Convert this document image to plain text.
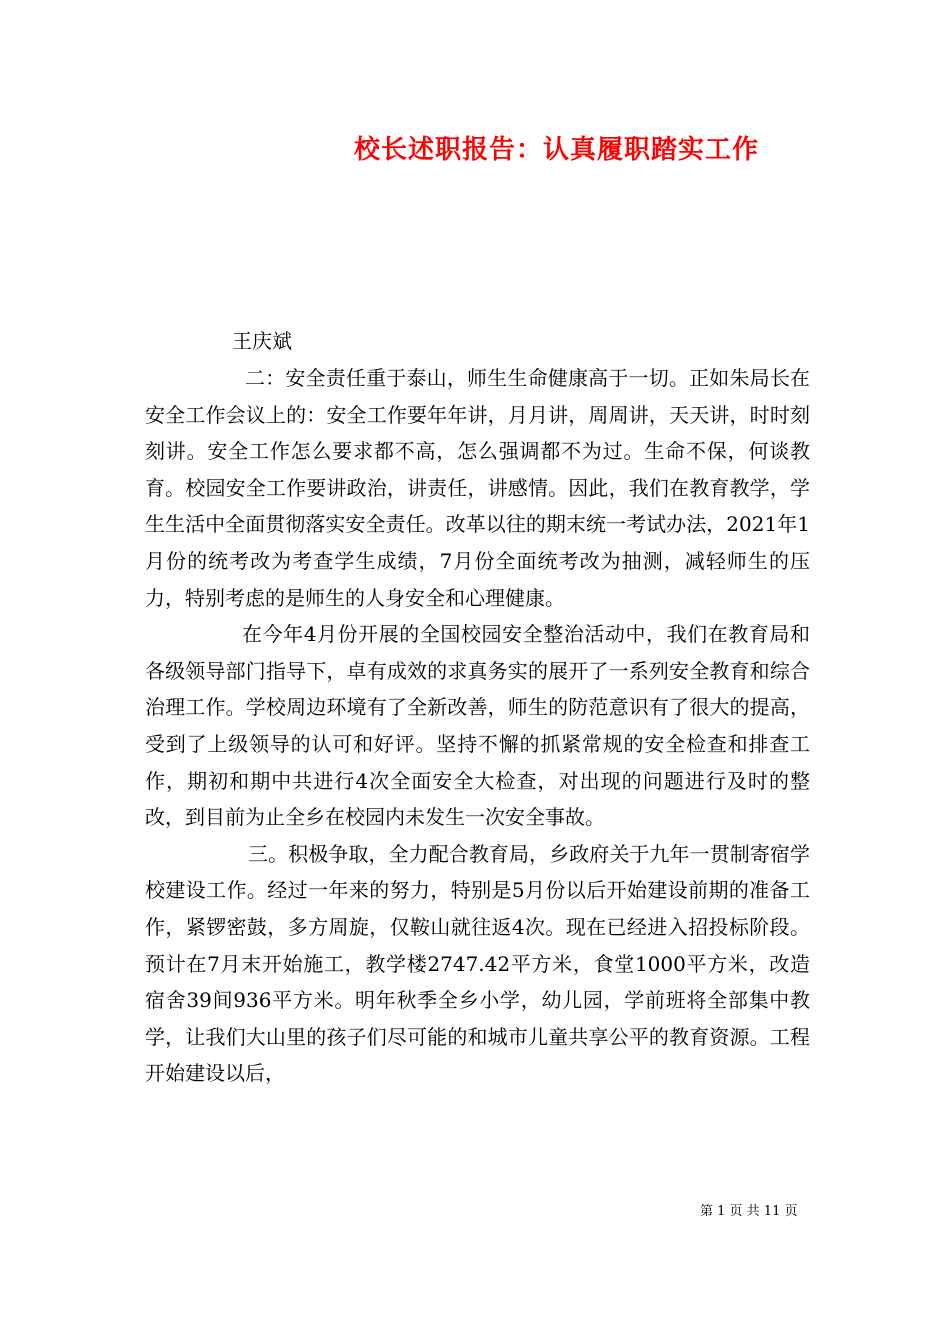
校长述职报告：认真履职踏实工作
王庆斌

二：安全责任重于泰山，师生生命健康高于一切。正如朱局长在安全工作会议上的：安全工作要年年讲，月月讲，周周讲，天天讲，时时刻刻讲。安全工作怎么要求都不高，怎么强调都不为过。生命不保，何谈教育。校园安全工作要讲政治，讲责任，讲感情。因此，我们在教育教学，学生生活中全面贯彻落实安全责任。改革以往的期末统一考试办法，2021年1月份的统考改为考查学生成绩，7月份全面统考改为抽测，减轻师生的压力，特别考虑的是师生的人身安全和心理健康。

在今年4月份开展的全国校园安全整治活动中，我们在教育局和各级领导部门指导下，卓有成效的求真务实的展开了一系列安全教育和综合治理工作。学校周边环境有了全新改善，师生的防范意识有了很大的提高，受到了上级领导的认可和好评。坚持不懈的抓紧常规的安全检查和排查工作，期初和期中共进行4次全面安全大检查，对出现的问题进行及时的整改，到目前为止全乡在校园内未发生一次安全事故。

三。积极争取，全力配合教育局，乡政府关于九年一贯制寄宿学校建设工作。经过一年来的努力，特别是5月份以后开始建设前期的准备工作，紧锣密鼓，多方周旋，仅鞍山就往返4次。现在已经进入招投标阶段。预计在7月末开始施工，教学楼2747.42平方米，食堂1000平方米，改造宿舍39间936平方米。明年秋季全乡小学，幼儿园，学前班将全部集中教学，让我们大山里的孩子们尽可能的和城市儿童共享公平的教育资源。工程开始建设以后，

第 1 页 共 11 页
